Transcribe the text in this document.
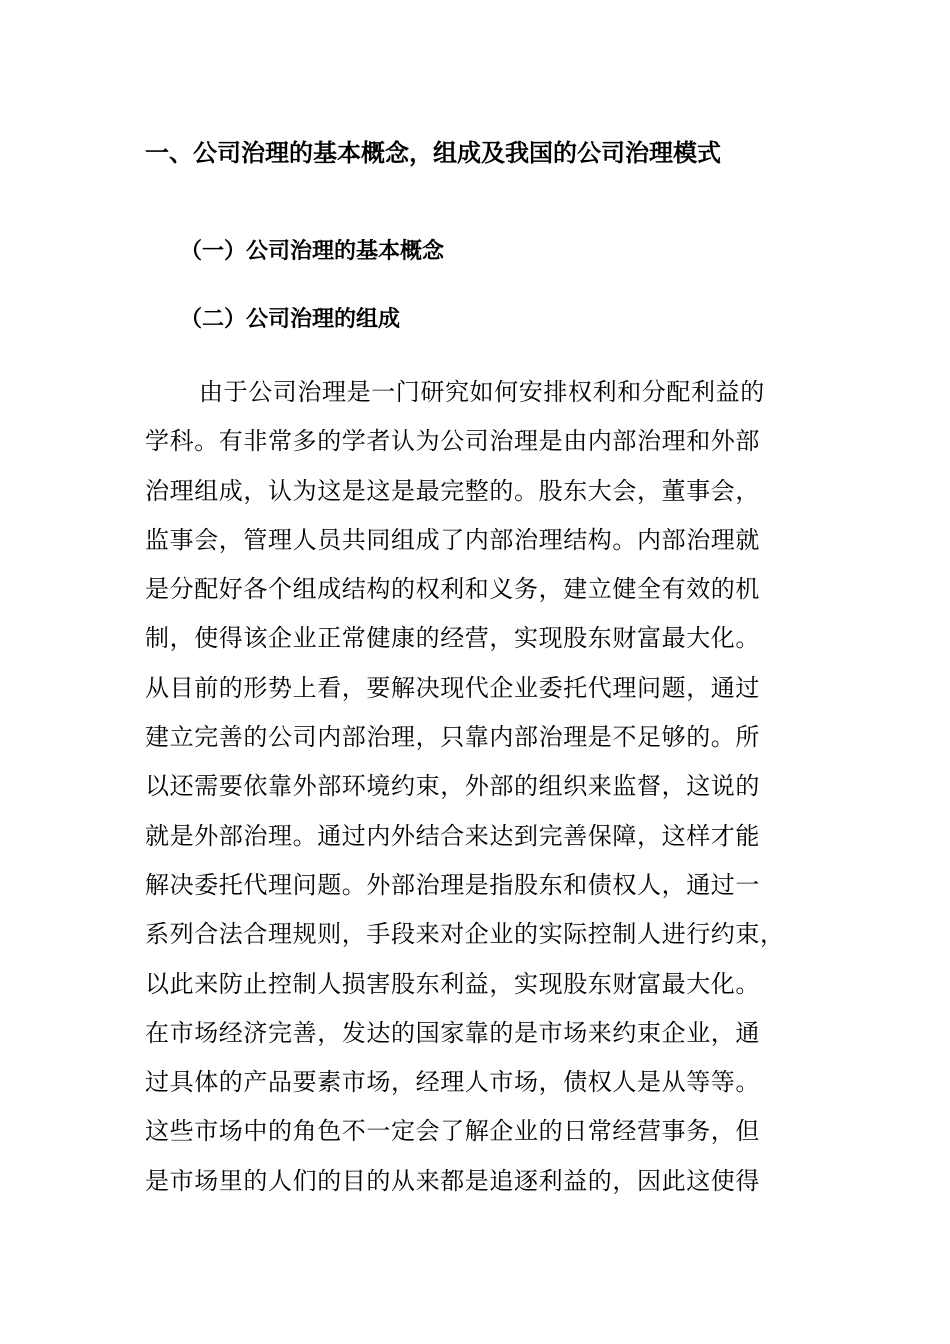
一、公司治理的基本概念，组成及我国的公司治理模式
（一）公司治理的基本概念
（二）公司治理的组成
由于公司治理是一门研究如何安排权利和分配利益的
学科。有非常多的学者认为公司治理是由内部治理和外部
治理组成，认为这是这是最完整的。股东大会，董事会，
监事会，管理人员共同组成了内部治理结构。内部治理就
是分配好各个组成结构的权利和义务，建立健全有效的机
制，使得该企业正常健康的经营，实现股东财富最大化。
从目前的形势上看，要解决现代企业委托代理问题，通过
建立完善的公司内部治理，只靠内部治理是不足够的。所
以还需要依靠外部环境约束，外部的组织来监督，这说的
就是外部治理。通过内外结合来达到完善保障，这样才能
解决委托代理问题。外部治理是指股东和债权人，通过一
系列合法合理规则，手段来对企业的实际控制人进行约束，
以此来防止控制人损害股东利益，实现股东财富最大化。
在市场经济完善，发达的国家靠的是市场来约束企业，通
过具体的产品要素市场，经理人市场，债权人是从等等。
这些市场中的角色不一定会了解企业的日常经营事务，但
是市场里的人们的目的从来都是追逐利益的，因此这使得
